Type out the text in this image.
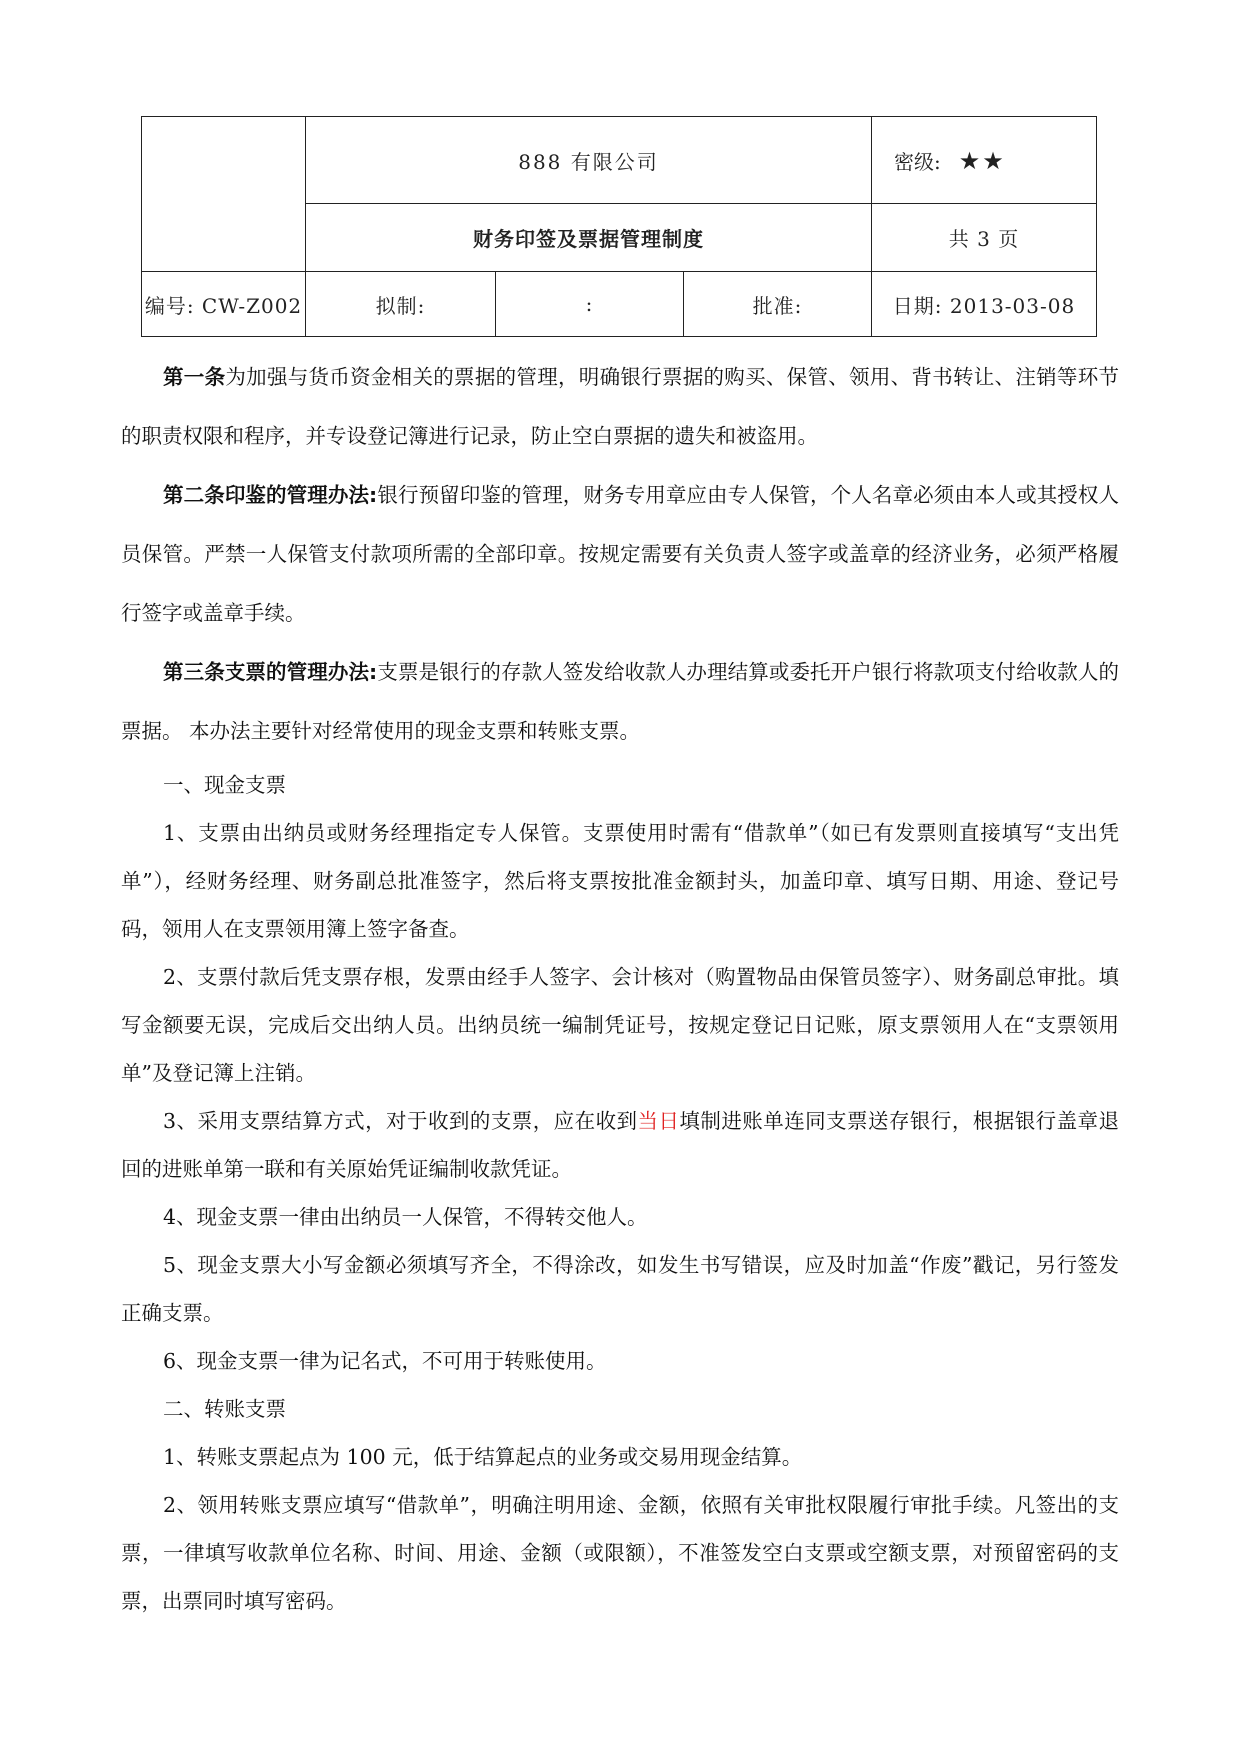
	888 有限公司			密级: ★★
	财务印签及票据管理制度			共 3 页
编号: CW-Z002	拟制:	:	批准:	日期: 2013-03-08

第一条为加强与货币资金相关的票据的管理，明确银行票据的购买、保管、领用、背书转让、注销等环节的职责权限和程序，并专设登记簿进行记录，防止空白票据的遗失和被盗用。

第二条印鉴的管理办法:银行预留印鉴的管理，财务专用章应由专人保管，个人名章必须由本人或其授权人员保管。严禁一人保管支付款项所需的全部印章。按规定需要有关负责人签字或盖章的经济业务，必须严格履行签字或盖章手续。

第三条支票的管理办法:支票是银行的存款人签发给收款人办理结算或委托开户银行将款项支付给收款人的票据。 本办法主要针对经常使用的现金支票和转账支票。

一、现金支票

1、支票由出纳员或财务经理指定专人保管。支票使用时需有“借款单”（如已有发票则直接填写“支出凭单”），经财务经理、财务副总批准签字，然后将支票按批准金额封头，加盖印章、填写日期、用途、登记号码，领用人在支票领用簿上签字备查。

2、支票付款后凭支票存根，发票由经手人签字、会计核对（购置物品由保管员签字）、财务副总审批。填写金额要无误，完成后交出纳人员。出纳员统一编制凭证号，按规定登记日记账，原支票领用人在“支票领用单”及登记簿上注销。

3、采用支票结算方式，对于收到的支票，应在收到当日填制进账单连同支票送存银行，根据银行盖章退回的进账单第一联和有关原始凭证编制收款凭证。

4、现金支票一律由出纳员一人保管，不得转交他人。

5、现金支票大小写金额必须填写齐全，不得涂改，如发生书写错误，应及时加盖“作废”戳记，另行签发正确支票。

6、现金支票一律为记名式，不可用于转账使用。

二、转账支票

1、转账支票起点为 100 元，低于结算起点的业务或交易用现金结算。

2、领用转账支票应填写“借款单”，明确注明用途、金额，依照有关审批权限履行审批手续。凡签出的支票，一律填写收款单位名称、时间、用途、金额（或限额），不准签发空白支票或空额支票，对预留密码的支票，出票同时填写密码。
